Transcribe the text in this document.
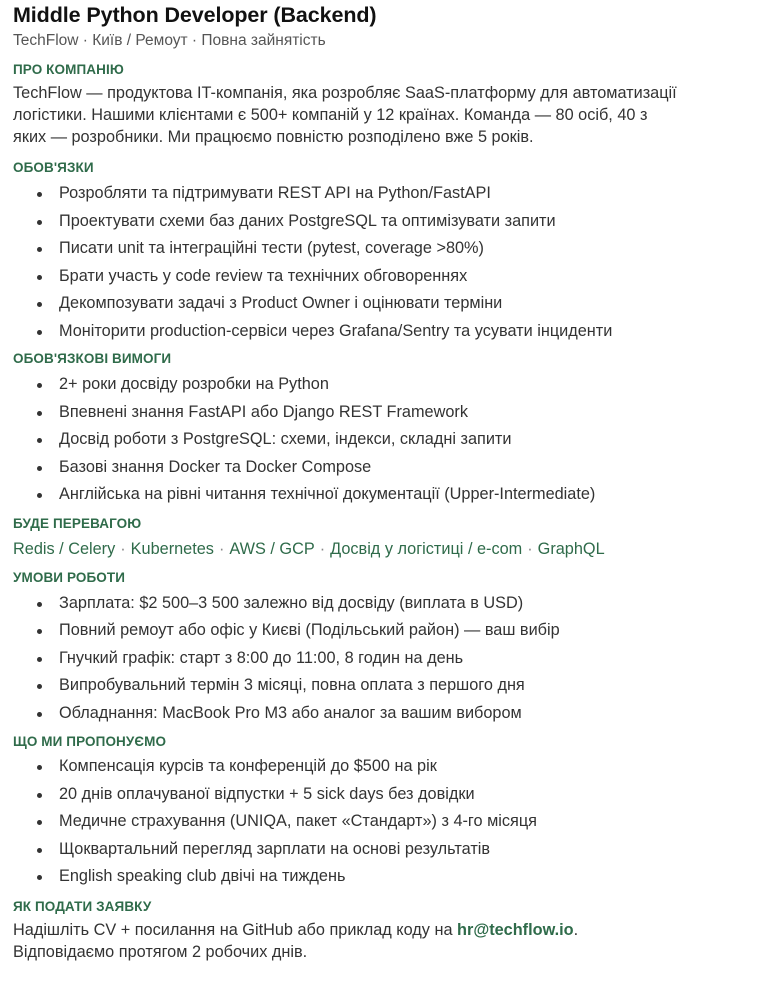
Middle Python Developer (Backend)
TechFlow · Київ / Ремоут · Повна зайнятість
ПРО КОМПАНІЮ

TechFlow — продуктова IT-компанія, яка розробляє SaaS-платформу для автоматизації
логістики. Нашими клієнтами є 500+ компаній у 12 країнах. Команда — 80 осіб, 40 з
яких — розробники. Ми працюємо повністю розподілено вже 5 років.

ОБОВ'ЯЗКИ
Розробляти та підтримувати REST API на Python/FastAPI
Проектувати схеми баз даних PostgreSQL та оптимізувати запити
Писати unit та інтеграційні тести (pytest, coverage >80%)
Брати участь у code review та технічних обговореннях
Декомпозувати задачі з Product Owner і оцінювати терміни
Моніторити production-сервіси через Grafana/Sentry та усувати інциденти
ОБОВ'ЯЗКОВІ ВИМОГИ
2+ роки досвіду розробки на Python
Впевнені знання FastAPI або Django REST Framework
Досвід роботи з PostgreSQL: схеми, індекси, складні запити
Базові знання Docker та Docker Compose
Англійська на рівні читання технічної документації (Upper-Intermediate)
БУДЕ ПЕРЕВАГОЮ
Redis / Celery · Kubernetes · AWS / GCP · Досвід у логістиці / e-com · GraphQL
УМОВИ РОБОТИ
Зарплата: $2 500–3 500 залежно від досвіду (виплата в USD)
Повний ремоут або офіс у Києві (Подільський район) — ваш вибір
Гнучкий графік: старт з 8:00 до 11:00, 8 годин на день
Випробувальний термін 3 місяці, повна оплата з першого дня
Обладнання: MacBook Pro M3 або аналог за вашим вибором
ЩО МИ ПРОПОНУЄМО
Компенсація курсів та конференцій до $500 на рік
20 днів оплачуваної відпустки + 5 sick days без довідки
Медичне страхування (UNIQA, пакет «Стандарт») з 4-го місяця
Щоквартальний перегляд зарплати на основі результатів
English speaking club двічі на тиждень
ЯК ПОДАТИ ЗАЯВКУ

Надішліть CV + посилання на GitHub або приклад коду на hr@techflow.io.
Відповідаємо протягом 2 робочих днів.
